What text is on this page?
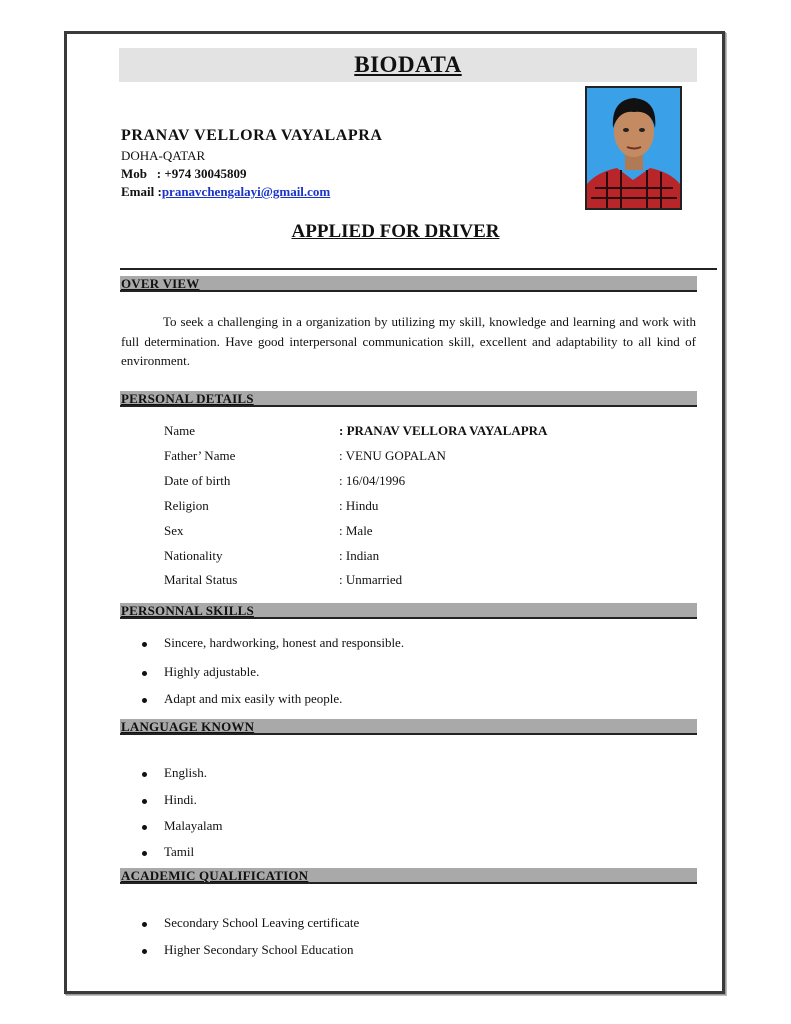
BIODATA
PRANAV VELLORA VAYALAPRA
DOHA-QATAR
Mob   : +974 30045809
Email :pranavchengalayi@gmail.com
APPLIED FOR DRIVER
OVER VIEW
To seek a challenging in a organization by utilizing my skill, knowledge and learning and work with full determination. Have good interpersonal communication skill, excellent and adaptability to all kind of environment.
PERSONAL DETAILS
Name	: PRANAV VELLORA VAYALAPRA
Father’ Name	: VENU GOPALAN
Date of birth	: 16/04/1996
Religion	: Hindu
Sex	: Male
Nationality	: Indian
Marital Status	: Unmarried
PERSONNAL SKILLS
Sincere, hardworking, honest and responsible.
Highly adjustable.
Adapt and mix easily with people.
LANGUAGE KNOWN
English.
Hindi.
Malayalam
Tamil
ACADEMIC QUALIFICATION
Secondary School Leaving certificate
Higher Secondary School Education
